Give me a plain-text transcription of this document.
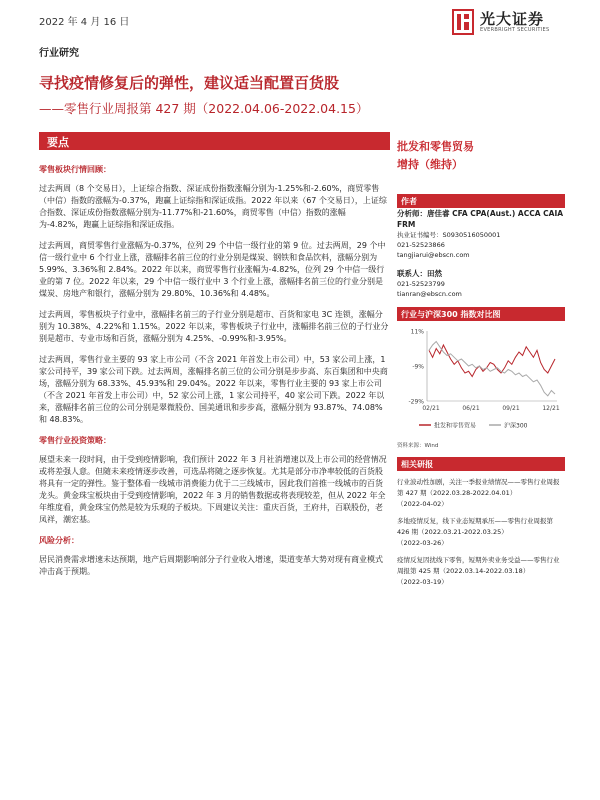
2022 年 4 月 16 日	光大证券
EVERBRIGHT SECURITIES
行业研究
寻找疫情修复后的弹性，建议适当配置百货股
——零售行业周报第 427 期（2022.04.06-2022.04.15）
要点
零售板块行情回顾：

过去两周（8 个交易日），上证综合指数、深证成份指数涨幅分别为-1.25%和-2.60%，商贸零售（中信）指数的涨幅为-0.37%，跑赢上证综指和深证成指。2022 年以来（67 个交易日），上证综合指数、深证成份指数涨幅分别为-11.77%和-21.60%，商贸零售（中信）指数的涨幅为-4.82%，跑赢上证综指和深证成指。

过去两周，商贸零售行业涨幅为-0.37%，位列 29 个中信一级行业的第 9 位。过去两周，29 个中信一级行业中 6 个行业上涨，涨幅排名前三位的行业分别是煤炭、钢铁和食品饮料，涨幅分别为 5.99%、3.36%和 2.84%。2022 年以来，商贸零售行业涨幅为-4.82%，位列 29 个中信一级行业的第 7 位。2022 年以来，29 个中信一级行业中 3 个行业上涨，涨幅排名前三位的行业分别是煤炭、房地产和银行，涨幅分别为 29.80%、10.36%和 4.48%。

过去两周，零售板块子行业中，涨幅排名前三的子行业分别是超市、百货和家电 3C 连锁，涨幅分别为 10.38%、4.22%和 1.15%。2022 年以来，零售板块子行业中，涨幅排名前三位的子行业分别是超市、专业市场和百货，涨幅分别为 4.25%、-0.99%和-3.95%。

过去两周，零售行业主要的 93 家上市公司（不含 2021 年首发上市公司）中，53 家公司上涨，1 家公司持平，39 家公司下跌。过去两周，涨幅排名前三位的公司分别是步步高、东百集团和中央商场，涨幅分别为 68.33%、45.93%和 29.04%。2022 年以来，零售行业主要的 93 家上市公司（不含 2021 年首发上市公司）中，52 家公司上涨，1 家公司持平，40 家公司下跌。2022 年以来，涨幅排名前三位的公司分别是翠微股份、国美通讯和步步高，涨幅分别为 93.87%、74.08%和 48.83%。

零售行业投资策略：

展望未来一段时间，由于受到疫情影响，我们预计 2022 年 3 月社消增速以及上市公司的经营情况或将差强人意。但随未来疫情逐步改善，可选品将随之逐步恢复。尤其是部分市净率较低的百货股将具有一定的弹性。鉴于整体看一线城市消费能力优于二三线城市，因此我们首推一线城市的百货龙头。黄金珠宝板块由于受到疫情影响，2022 年 3 月的销售数据或将表现较差，但从 2022 年全年维度看，黄金珠宝仍然是较为乐观的子板块。下周建议关注：重庆百货，王府井，百联股份，老凤祥，潮宏基。

风险分析：

居民消费需求增速未达预期，地产后周期影响部分子行业收入增速，渠道变革大势对现有商业模式冲击高于预期。

批发和零售贸易
增持（维持）
作者
分析师：唐佳睿 CFA CPA(Aust.) ACCA CAIA FRM
执业证书编号：S0930516050001
021-52523866
tangjiarui@ebscn.com
联系人：田然
021-52523799
tianran@ebscn.com
行业与沪深300 指数对比图
11%
-9%
-29%
02/21	06/21	09/21	12/21
批发和零售贸易	沪深300
资料来源：Wind
相关研报
行业波动性加剧，关注一季报业绩情况——零售行业周报第 427 期（2022.03.28-2022.04.01）
（2022-04-02）
多地疫情反复，线下业态短期承压——零售行业周报第 426 期（2022.03.21-2022.03.25）
（2022-03-26）
疫情反复因扰线下零售，短期外卖业务受益——零售行业周报第 425 期（2022.03.14-2022.03.18）
（2022-03-19）
